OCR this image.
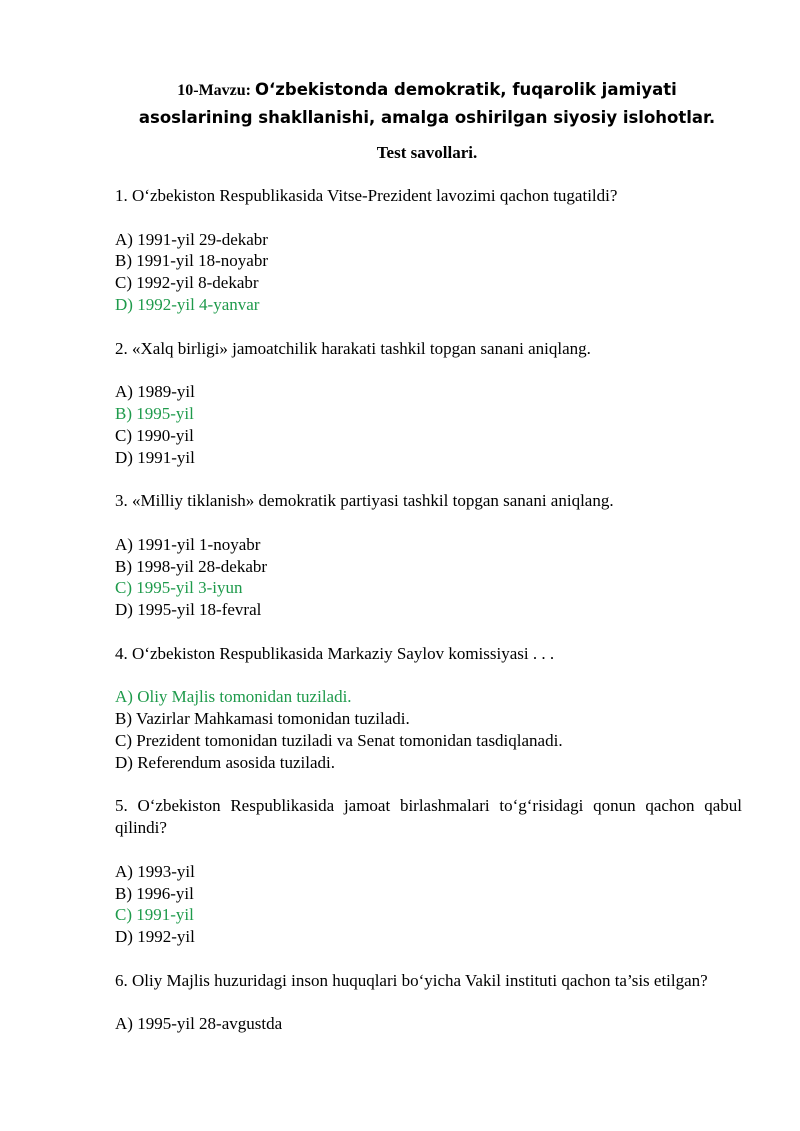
10-Mavzu: O‘zbekistonda demokratik, fuqarolik jamiyati
asoslarining shakllanishi, amalga oshirilgan siyosiy islohotlar.
Test savollari.
1. O‘zbekiston Respublikasida Vitse-Prezident lavozimi qachon tugatildi?
A) 1991-yil 29-dekabr
B) 1991-yil 18-noyabr
C) 1992-yil 8-dekabr
D) 1992-yil 4-yanvar
2. «Xalq birligi» jamoatchilik harakati tashkil topgan sanani aniqlang.
A) 1989-yil
B) 1995-yil
C) 1990-yil
D) 1991-yil
3. «Milliy tiklanish» demokratik partiyasi tashkil topgan sanani aniqlang.
A) 1991-yil 1-noyabr
B) 1998-yil 28-dekabr
C) 1995-yil 3-iyun
D) 1995-yil 18-fevral
4. O‘zbekiston Respublikasida Markaziy Saylov komissiyasi . . .
A) Oliy Majlis tomonidan tuziladi.
B) Vazirlar Mahkamasi tomonidan tuziladi.
C) Prezident tomonidan tuziladi va Senat tomonidan tasdiqlanadi.
D) Referendum asosida tuziladi.
5. O‘zbekiston Respublikasida jamoat birlashmalari to‘g‘risidagi qonun qachon qabul qilindi?
A) 1993-yil
B) 1996-yil
C) 1991-yil
D) 1992-yil
6. Oliy Majlis huzuridagi inson huquqlari bo‘yicha Vakil instituti qachon ta’sis etilgan?
A) 1995-yil 28-avgustda
